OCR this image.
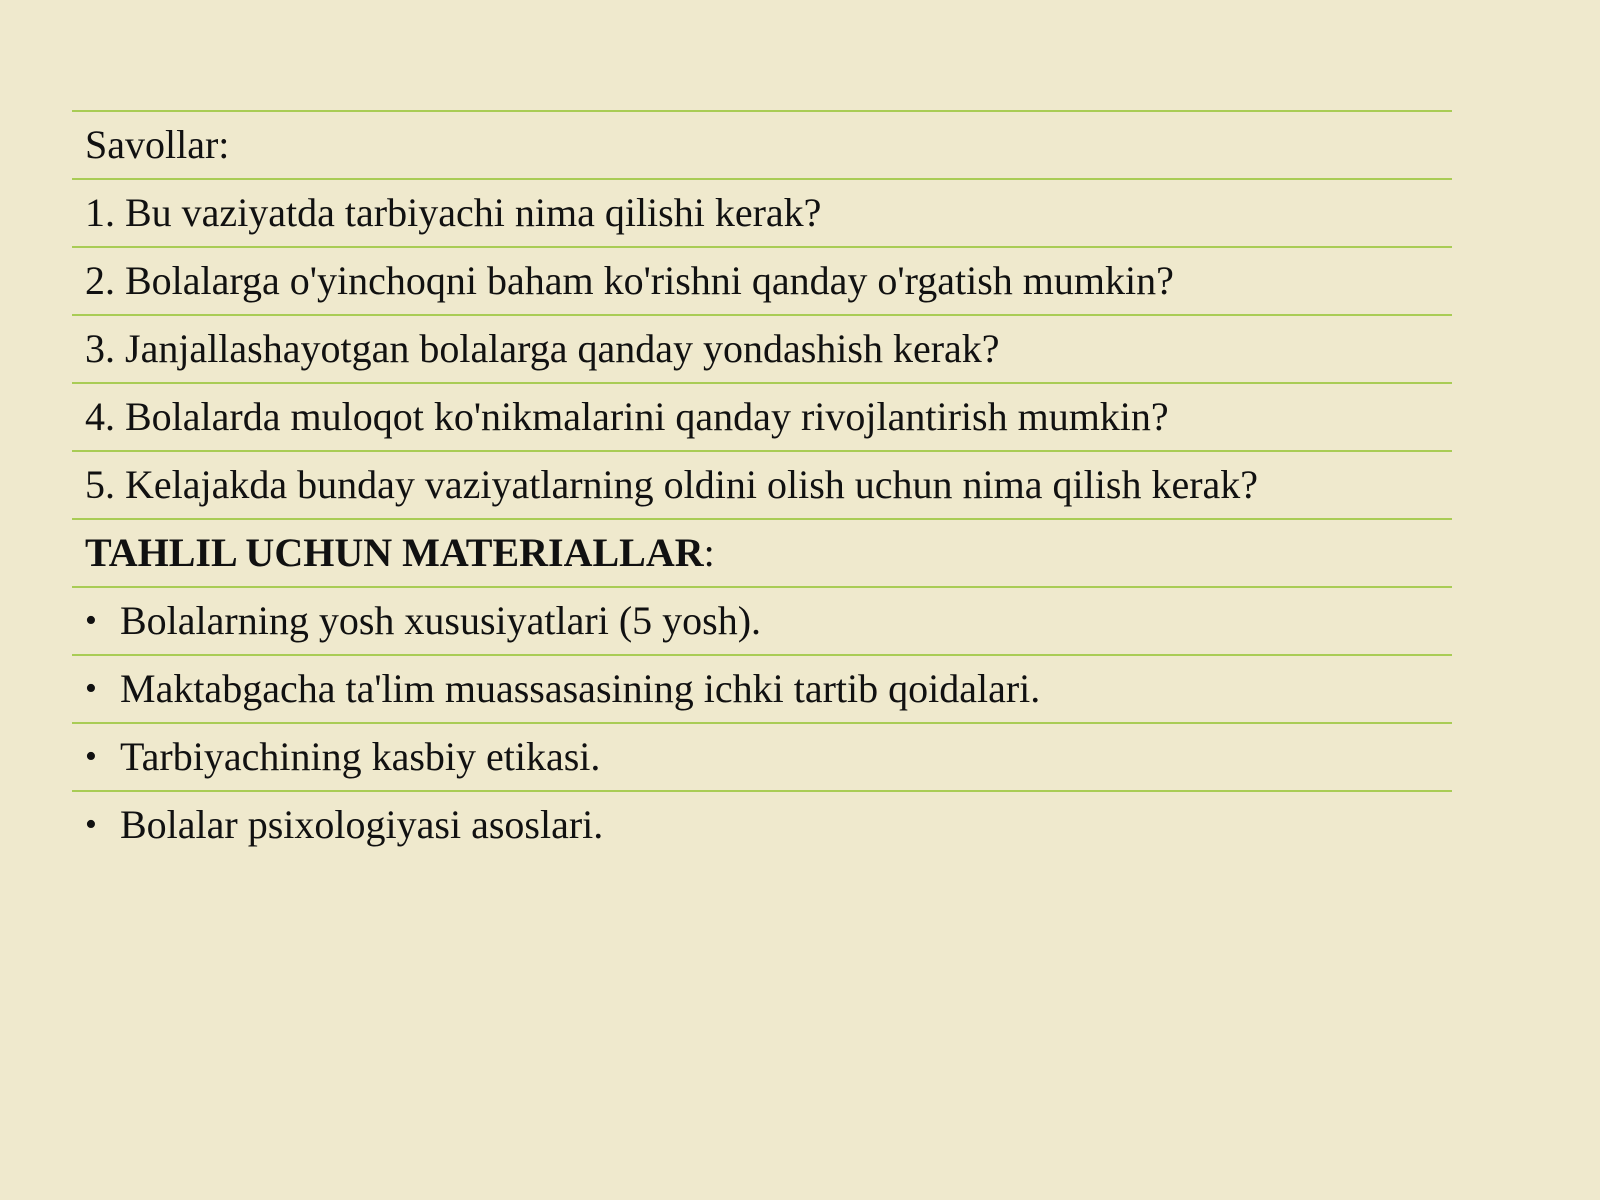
Savollar:
1. Bu vaziyatda tarbiyachi nima qilishi kerak?
2. Bolalarga o'yinchoqni baham ko'rishni qanday o'rgatish mumkin?
3. Janjallashayotgan bolalarga qanday yondashish kerak?
4. Bolalarda muloqot ko'nikmalarini qanday rivojlantirish mumkin?
5. Kelajakda bunday vaziyatlarning oldini olish uchun nima qilish kerak?
TAHLIL UCHUN MATERIALLAR :
• Bolalarning yosh xususiyatlari (5 yosh).
• Maktabgacha ta'lim muassasasining ichki tartib qoidalari.
• Tarbiyachining kasbiy etikasi.
• Bolalar psixologiyasi asoslari.
